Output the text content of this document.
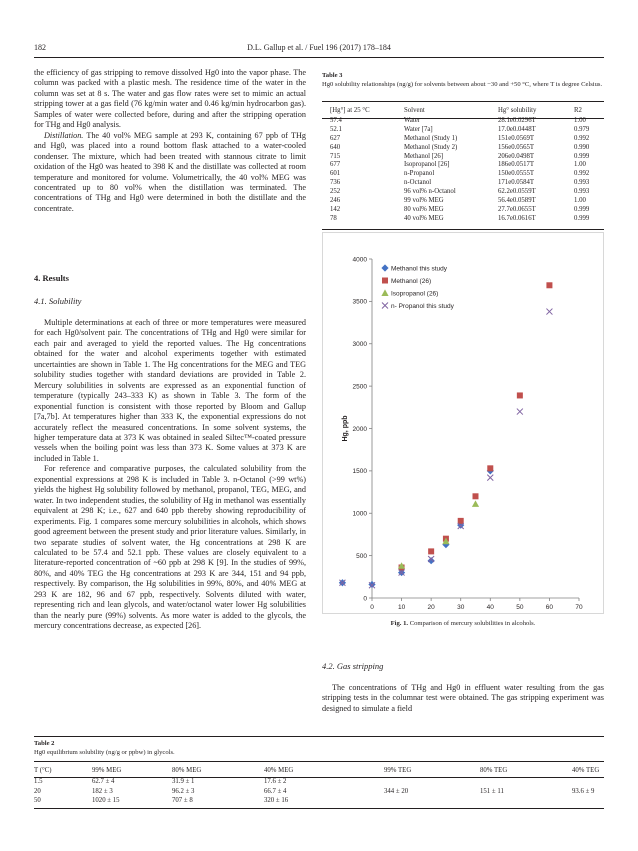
182	D.L. Gallup et al. / Fuel 196 (2017) 178–184

the efficiency of gas stripping to remove dissolved Hg0 into the vapor phase. The column was packed with a plastic mesh. The residence time of the water in the column was set at 8 s. The water and gas flow rates were set to mimic an actual stripping tower at a gas field (76 kg/min water and 0.46 kg/min hydrocarbon gas). Samples of water were collected before, during and after the stripping operation for THg and Hg0 analysis.

Distillation. The 40 vol% MEG sample at 293 K, containing 67 ppb of THg and Hg0, was placed into a round bottom flask attached to a water-cooled condenser. The mixture, which had been treated with stannous citrate to limit oxidation of the Hg0 was heated to 398 K and the distillate was collected at room temperature and monitored for volume. Volumetrically, the 40 vol% MEG was concentrated up to 80 vol% when the distillation was terminated. The concentrations of THg and Hg0 were determined in both the distillate and the concentrate.

4. Results
4.1. Solubility

Multiple determinations at each of three or more temperatures were measured for each Hg0/solvent pair. The concentrations of THg and Hg0 were similar for each pair and averaged to yield the reported values. The Hg concentrations obtained for the water and alcohol experiments together with estimated uncertainties are shown in Table 1. The Hg concentrations for the MEG and TEG solubility studies together with standard deviations are provided in Table 2. Mercury solubilities in solvents are expressed as an exponential function of temperature (typically 243–333 K) as shown in Table 3. The form of the exponential function is consistent with those reported by Bloom and Gallup [7a,7b]. At temperatures higher than 333 K, the exponential expressions do not accurately reflect the measured concentrations. In some solvent systems, the higher temperature data at 373 K was obtained in sealed Siltec™-coated pressure vessels when the boiling point was less than 373 K. Some values at 373 K are included in Table 1.

For reference and comparative purposes, the calculated solubility from the exponential expressions at 298 K is included in Table 3. n-Octanol (>99 wt%) yields the highest Hg solubility followed by methanol, propanol, TEG, MEG, and water. In two independent studies, the solubility of Hg in methanol was essentially equivalent at 298 K; i.e., 627 and 640 ppb thereby showing reproducibility of experiments. Fig. 1 compares some mercury solubilities in alcohols, which shows good agreement between the present study and prior literature values. Similarly, in two separate studies of solvent water, the Hg concentrations at 298 K are calculated to be 57.4 and 52.1 ppb. These values are closely equivalent to a literature-reported concentration of ~60 ppb at 298 K [9]. In the studies of 99%, 80%, and 40% TEG the Hg concentrations at 293 K are 344, 151 and 94 ppb, respectively. By comparison, the Hg solubilities in 99%, 80%, and 40% MEG at 293 K are 182, 96 and 67 ppb, respectively. Solvents diluted with water, representing rich and lean glycols, and water/octanol water lower Hg solubilities than the nearly pure (99%) solvents. As more water is added to the glycols, the mercury concentrations decrease, as expected [26].

Table 3
Hg0 solubility relationships (ng/g) for solvents between about −30 and +50 °C, where T is degree Celsius.
[Hg°] at 25 °C	Solvent	Hg° solubility	R2
57.4	Water	28.1e0.0296T	1.00
52.1	Water [7a]	17.0e0.0448T	0.979
627	Methanol (Study 1)	151e0.0569T	0.992
640	Methanol (Study 2)	156e0.0565T	0.990
715	Methanol [26]	206e0.0498T	0.999
677	Isopropanol [26]	186e0.0517T	1.00
601	n-Propanol	150e0.0555T	0.992
736	n-Octanol	171e0.0584T	0.993
252	96 vol% n-Octanol	62.2e0.0559T	0.993
246	99 vol% MEG	56.4e0.0589T	1.00
142	80 vol% MEG	27.7e0.0655T	0.999
78	40 vol% MEG	16.7e0.0616T	0.999
0
500
1000
1500
2000
2500
3000
3500
4000
0	10	20	30	40	50	60	70
Hg, ppb
Methanol this study
Methanol (26)
Isopropanol (26)
n- Propanol this study
Fig. 1. Comparison of mercury solubilities in alcohols.
4.2. Gas stripping

The concentrations of THg and Hg0 in effluent water resulting from the gas stripping tests in the columnar test were obtained. The gas stripping experiment was designed to simulate a field

Table 2
Hg0 equilibrium solubility (ng/g or ppbw) in glycols.
T (°C)	99% MEG	80% MEG	40% MEG	99% TEG	80% TEG	40% TEG
1.5	62.7 ± 4	31.9 ± 1	17.6 ± 2			
20	182 ± 3	96.2 ± 3	66.7 ± 4	344 ± 20	151 ± 11	93.6 ± 9
50	1020 ± 15	707 ± 8	320 ± 16			
